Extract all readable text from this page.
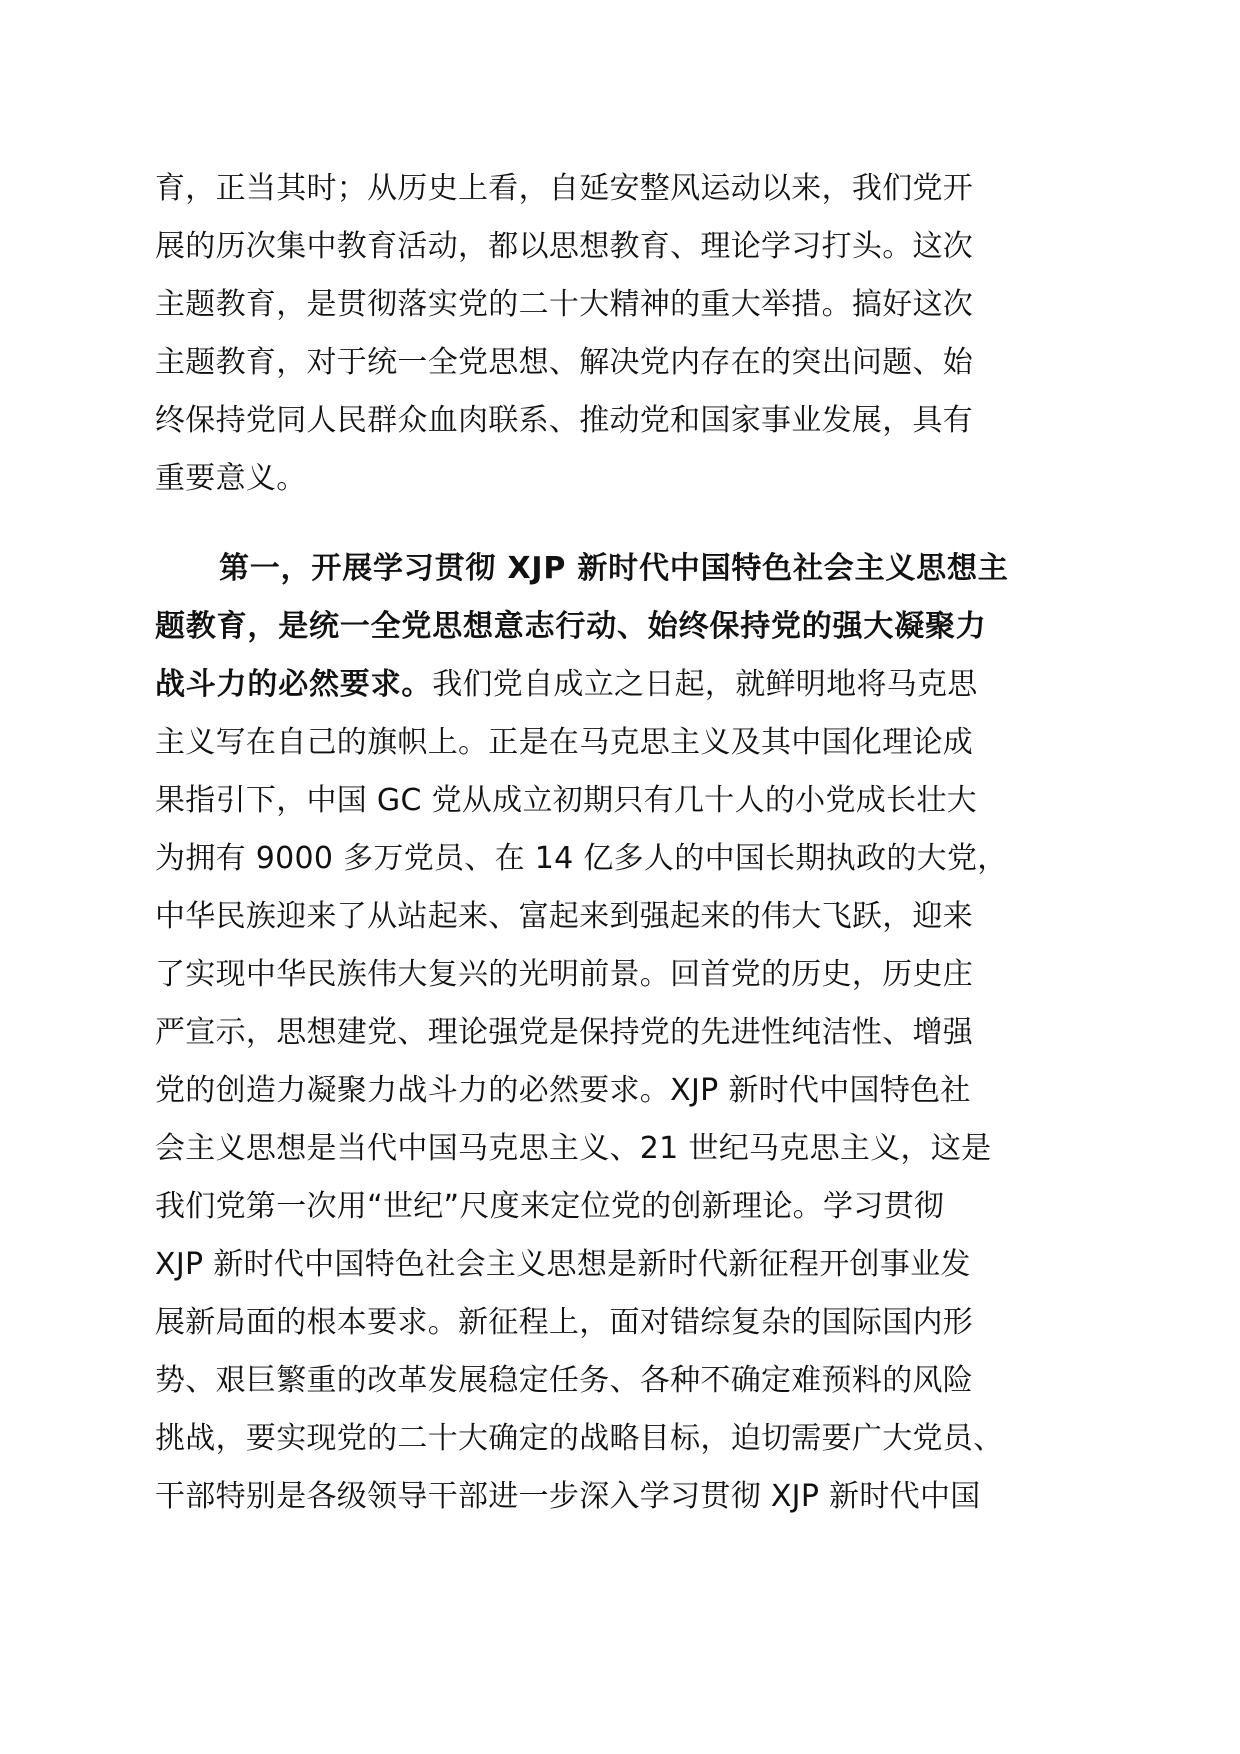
育，正当其时；从历史上看，自延安整风运动以来，我们党开
展的历次集中教育活动，都以思想教育、理论学习打头。这次
主题教育，是贯彻落实党的二十大精神的重大举措。搞好这次
主题教育，对于统一全党思想、解决党内存在的突出问题、始
终保持党同人民群众血肉联系、推动党和国家事业发展，具有
重要意义。
第一，开展学习贯彻 XJP 新时代中国特色社会主义思想主
题教育，是统一全党思想意志行动、始终保持党的强大凝聚力
战斗力的必然要求。我们党自成立之日起，就鲜明地将马克思
主义写在自己的旗帜上。正是在马克思主义及其中国化理论成
果指引下，中国 GC 党从成立初期只有几十人的小党成长壮大
为拥有 9000 多万党员、在 14 亿多人的中国长期执政的大党，
中华民族迎来了从站起来、富起来到强起来的伟大飞跃，迎来
了实现中华民族伟大复兴的光明前景。回首党的历史，历史庄
严宣示，思想建党、理论强党是保持党的先进性纯洁性、增强
党的创造力凝聚力战斗力的必然要求。XJP 新时代中国特色社
会主义思想是当代中国马克思主义、21 世纪马克思主义，这是
我们党第一次用“世纪”尺度来定位党的创新理论。学习贯彻
XJP 新时代中国特色社会主义思想是新时代新征程开创事业发
展新局面的根本要求。新征程上，面对错综复杂的国际国内形
势、艰巨繁重的改革发展稳定任务、各种不确定难预料的风险
挑战，要实现党的二十大确定的战略目标，迫切需要广大党员、
干部特别是各级领导干部进一步深入学习贯彻 XJP 新时代中国
